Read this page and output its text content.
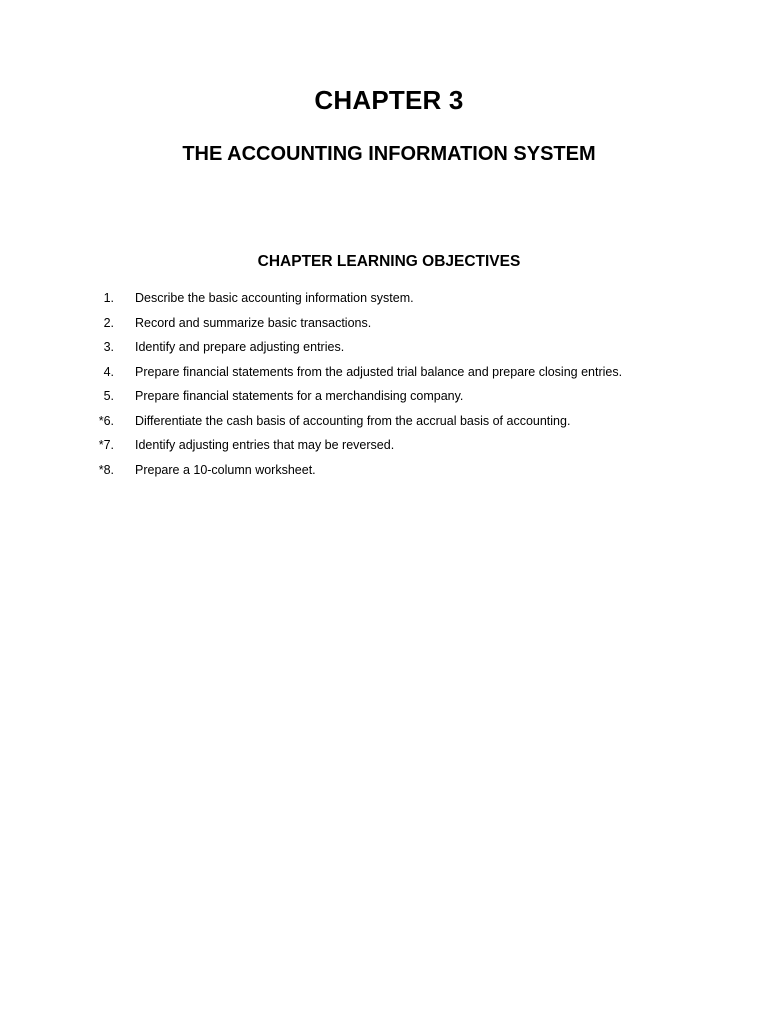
CHAPTER 3
THE ACCOUNTING INFORMATION SYSTEM
CHAPTER LEARNING OBJECTIVES
1. Describe the basic accounting information system.
2. Record and summarize basic transactions.
3. Identify and prepare adjusting entries.
4. Prepare financial statements from the adjusted trial balance and prepare closing entries.
5. Prepare financial statements for a merchandising company.
*6. Differentiate the cash basis of accounting from the accrual basis of accounting.
*7. Identify adjusting entries that may be reversed.
*8. Prepare a 10-column worksheet.
